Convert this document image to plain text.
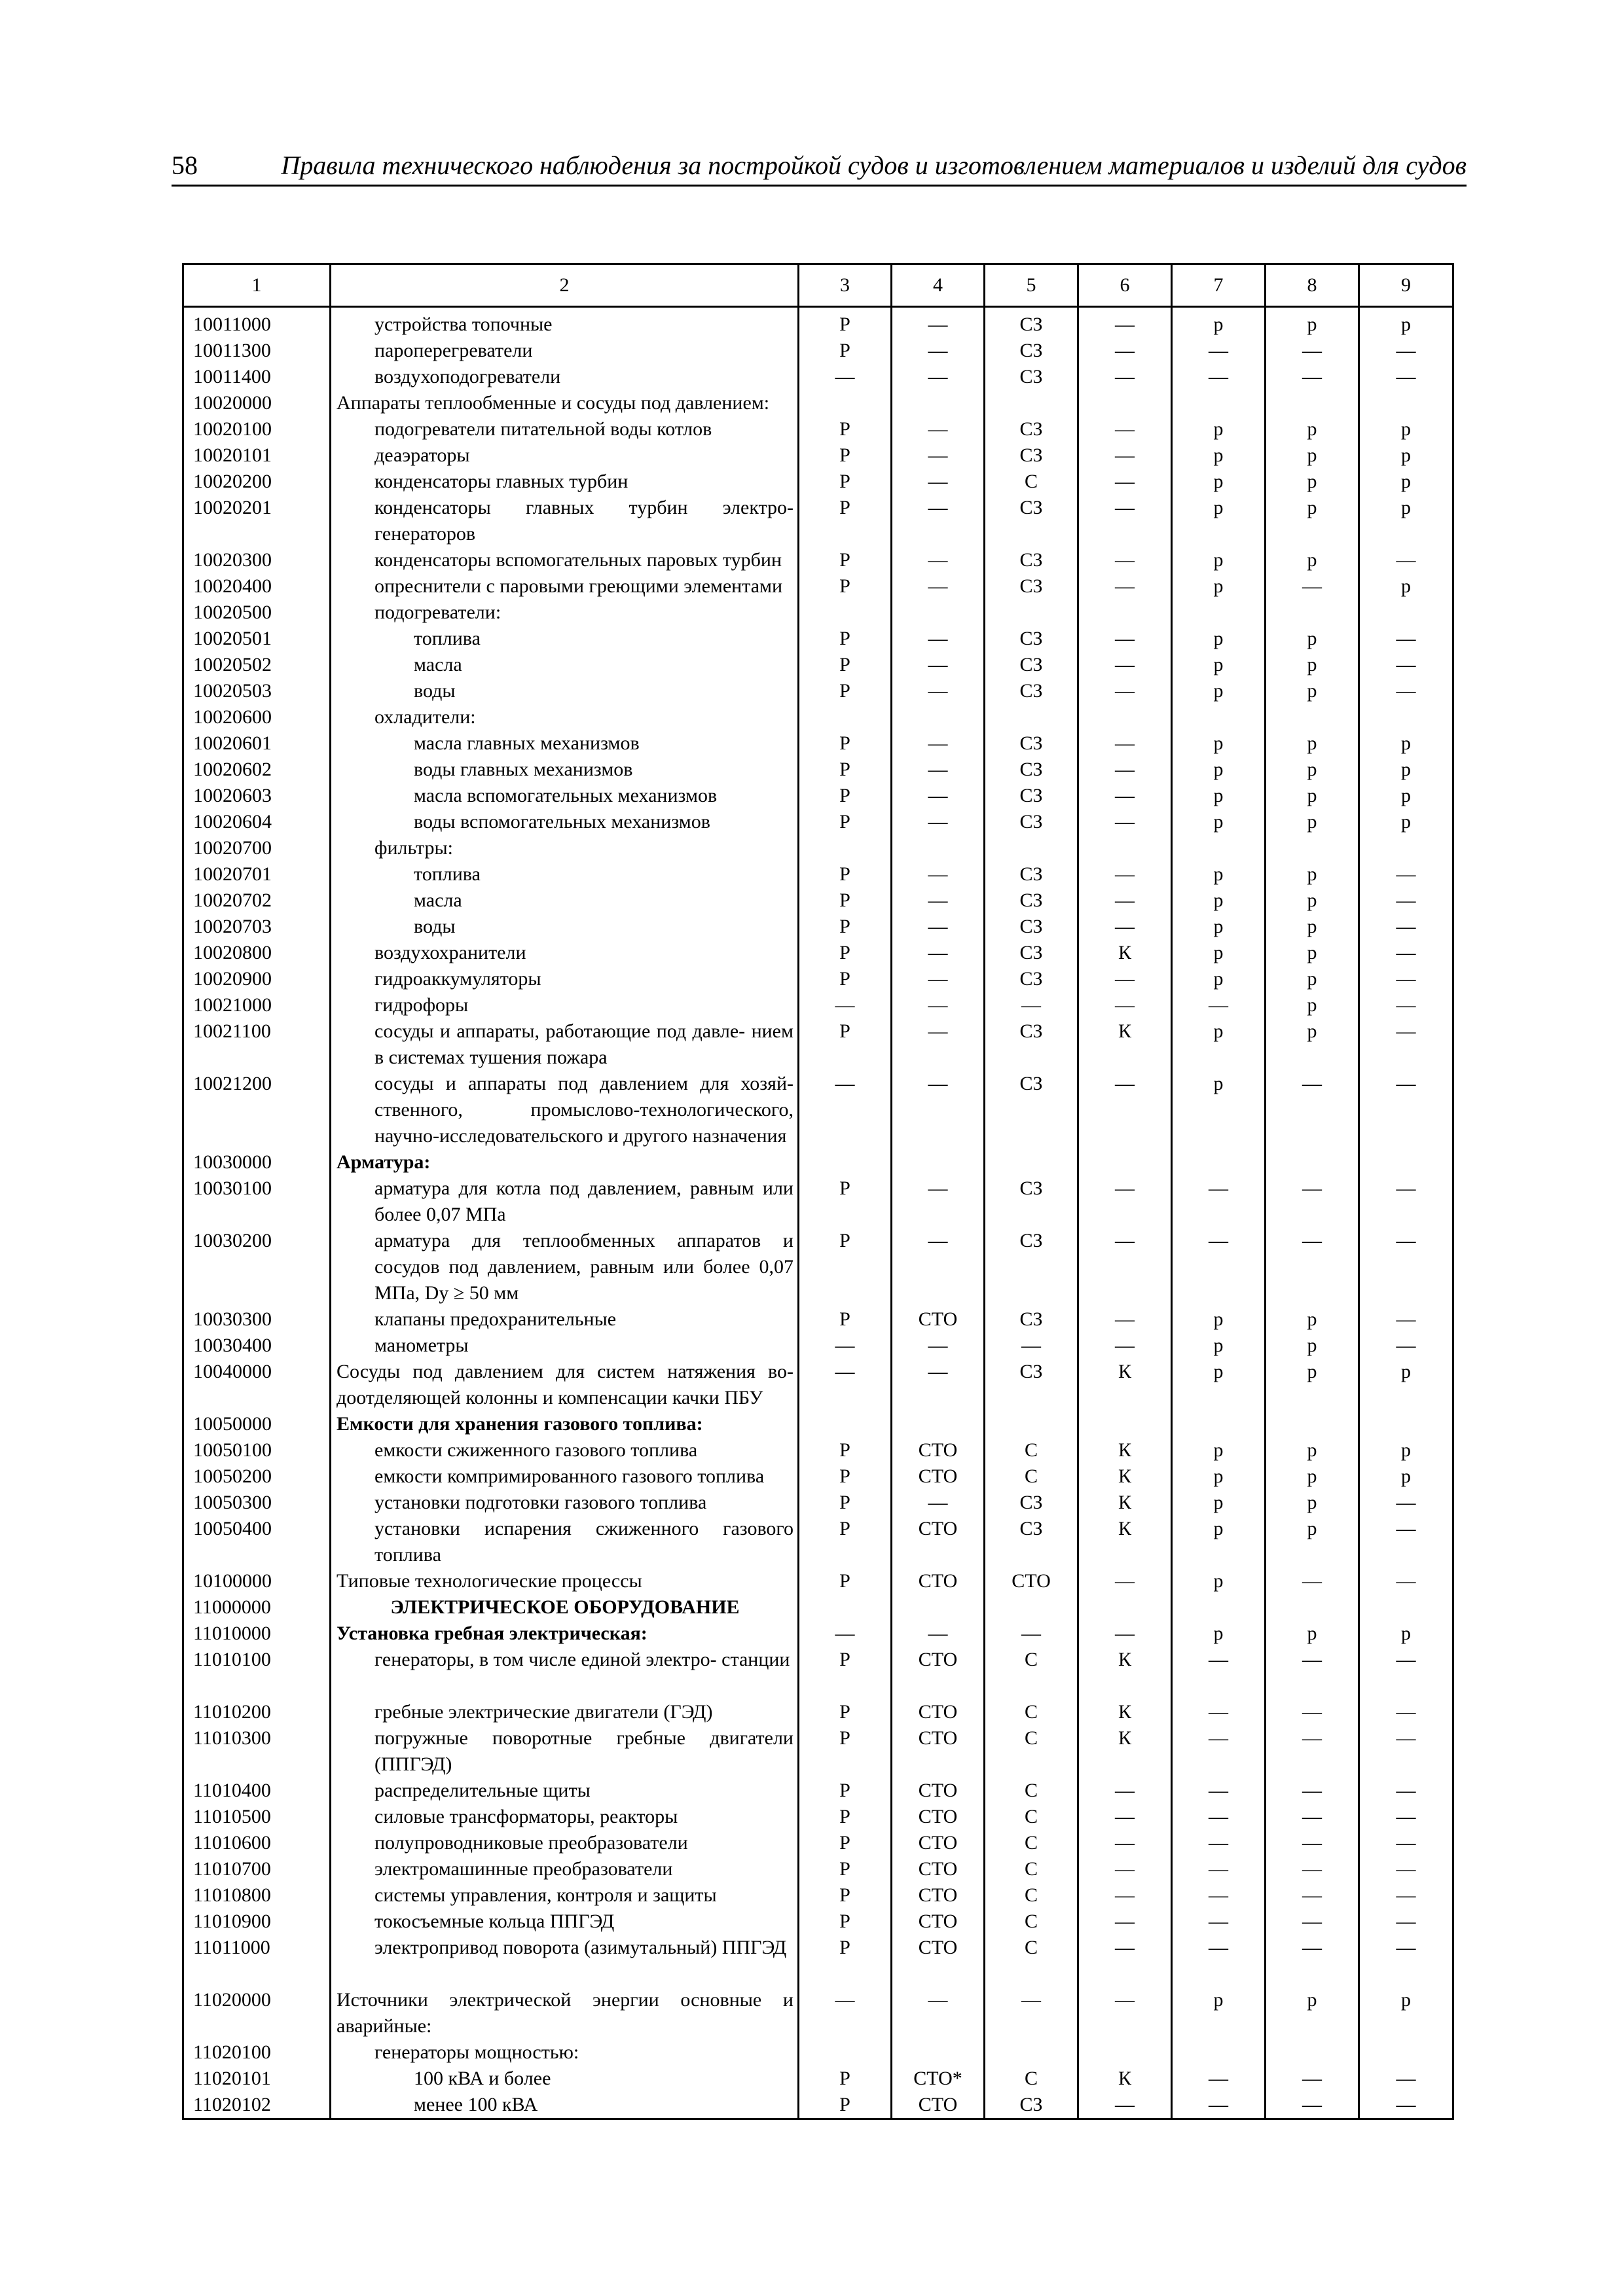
58	Правила технического наблюдения за постройкой судов и изготовлением материалов и изделий для судов
1	2	3	4	5	6	7	8	9
10011000	устройства топочные	Р	—	СЗ	—	р	р	р
10011300	пароперегреватели	Р	—	СЗ	—	—	—	—
10011400	воздухоподогреватели	—	—	СЗ	—	—	—	—
10020000	Аппараты теплообменные и сосуды под давлением:							

10020100	подогреватели питательной воды котлов	Р	—	СЗ	—	р	р	р
10020101	деаэраторы	Р	—	СЗ	—	р	р	р
10020200	конденсаторы главных турбин	Р	—	С	—	р	р	р
10020201	конденсаторы главных турбин электро- генераторов	Р	—	СЗ	—	р	р	р
10020300	конденсаторы вспомогательных паровых турбин	Р	—	СЗ	—	р	р	—
10020400	опреснители с паровыми греющими элементами	Р	—	СЗ	—	р	—	р
10020500	подогреватели:							

10020501	топлива	Р	—	СЗ	—	р	р	—
10020502	масла	Р	—	СЗ	—	р	р	—
10020503	воды	Р	—	СЗ	—	р	р	—
10020600	охладители:							

10020601	масла главных механизмов	Р	—	СЗ	—	р	р	р
10020602	воды главных механизмов	Р	—	СЗ	—	р	р	р
10020603	масла вспомогательных механизмов	Р	—	СЗ	—	р	р	р
10020604	воды вспомогательных механизмов	Р	—	СЗ	—	р	р	р
10020700	фильтры:							

10020701	топлива	Р	—	СЗ	—	р	р	—
10020702	масла	Р	—	СЗ	—	р	р	—
10020703	воды	Р	—	СЗ	—	р	р	—
10020800	воздухохранители	Р	—	СЗ	К	р	р	—
10020900	гидроаккумуляторы	Р	—	СЗ	—	р	р	—
10021000	гидрофоры	—	—	—	—	—	р	—
10021100	сосуды и аппараты, работающие под давле- нием в системах тушения пожара	Р	—	СЗ	К	р	р	—
10021200	сосуды и аппараты под давлением для хозяй- ственного, промыслово-технологического, научно-исследовательского и другого назначения	—	—	СЗ	—	р	—	—
10030000	Арматура:							

10030100	арматура для котла под давлением, равным или более 0,07 МПа	Р	—	СЗ	—	—	—	—
10030200	арматура для теплообменных аппаратов и сосудов под давлением, равным или более 0,07 МПа, Dy ≥ 50 мм	Р	—	СЗ	—	—	—	—
10030300	клапаны предохранительные	Р	СТО	СЗ	—	р	р	—
10030400	манометры	—	—	—	—	р	р	—
10040000	Сосуды под давлением для систем натяжения во- доотделяющей колонны и компенсации качки ПБУ	—	—	СЗ	К	р	р	р
10050000	Емкости для хранения газового топлива:							

10050100	емкости сжиженного газового топлива	Р	СТО	С	К	р	р	р
10050200	емкости компримированного газового топлива	Р	СТО	С	К	р	р	р
10050300	установки подготовки газового топлива	Р	—	СЗ	К	р	р	—
10050400	установки испарения сжиженного газового топлива	Р	СТО	СЗ	К	р	р	—
10100000	Типовые технологические процессы	Р	СТО	СТО	—	р	—	—
11000000	ЭЛЕКТРИЧЕСКОЕ ОБОРУДОВАНИЕ							

11010000	Установка гребная электрическая:	—	—	—	—	р	р	р
11010100	генераторы, в том числе единой электро- станции	Р	СТО	С	К	—	—	—
11010200	гребные электрические двигатели (ГЭД)	Р	СТО	С	К	—	—	—
11010300	погружные поворотные гребные двигатели (ППГЭД)	Р	СТО	С	К	—	—	—
11010400	распределительные щиты	Р	СТО	С	—	—	—	—
11010500	силовые трансформаторы, реакторы	Р	СТО	С	—	—	—	—
11010600	полупроводниковые преобразователи	Р	СТО	С	—	—	—	—
11010700	электромашинные преобразователи	Р	СТО	С	—	—	—	—
11010800	системы управления, контроля и защиты	Р	СТО	С	—	—	—	—
11010900	токосъемные кольца ППГЭД	Р	СТО	С	—	—	—	—
11011000	электропривод поворота (азимутальный) ППГЭД	Р	СТО	С	—	—	—	—
11020000	Источники электрической энергии основные и аварийные:	—	—	—	—	р	р	р
11020100	генераторы мощностью:							

11020101	100 кВА и более	Р	СТО*	С	К	—	—	—
11020102	менее 100 кВА	Р	СТО	СЗ	—	—	—	—
